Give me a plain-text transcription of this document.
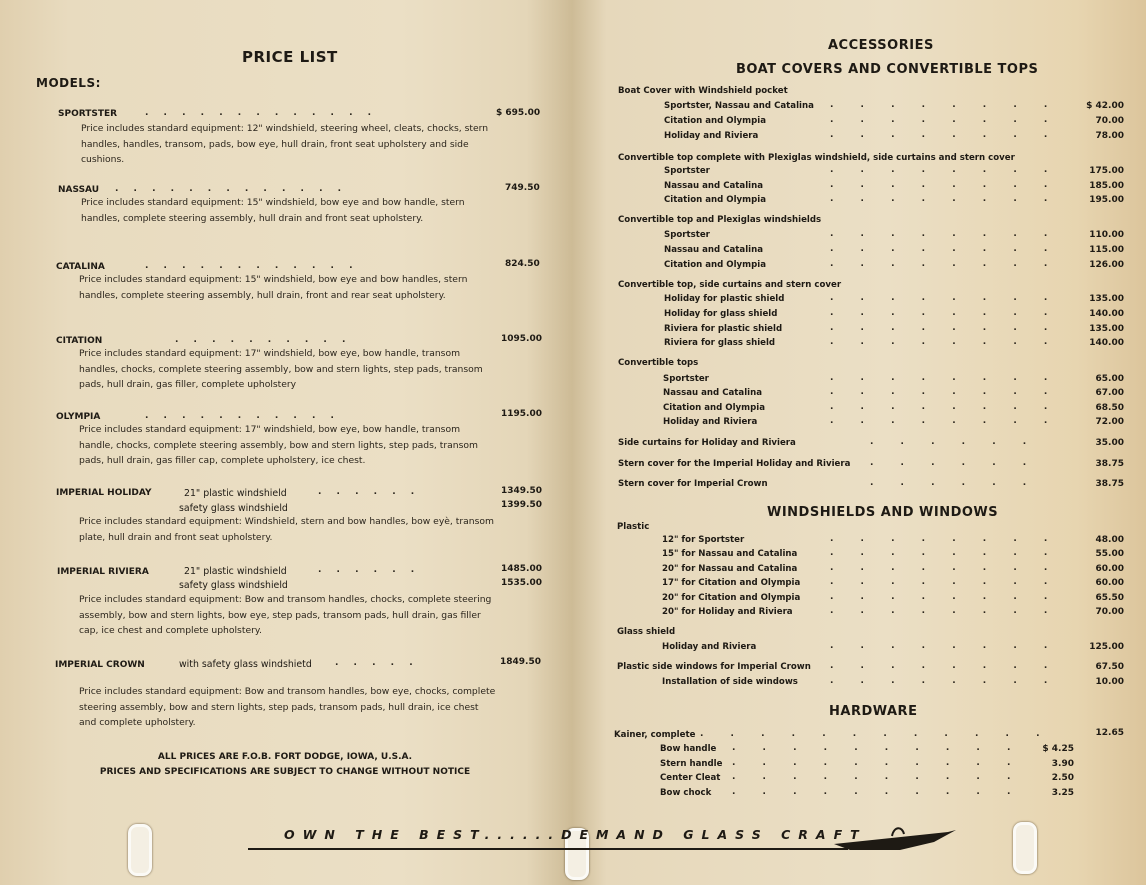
PRICE LIST
MODELS:
SPORTSTER	. . . . . . . . . . . . .	$ 695.00
Price includes standard equipment: 12" windshield, steering wheel, cleats, chocks, stern handles, handles, transom, pads, bow eye, hull drain, front seat upholstery and side cushions.
NASSAU . . . . . . . . . . . . .	749.50
Price includes standard equipment: 15" windshield, bow eye and bow handle, stern handles, complete steering assembly, hull drain and front seat upholstery.
CATALINA	. . . . . . . . . . . .	824.50
Price includes standard equipment: 15" windshield, bow eye and bow handles, stern handles, complete steering assembly, hull drain, front and rear seat upholstery.
CITATION	. . . . . . . . . .	1095.00
Price includes standard equipment: 17" windshield, bow eye, bow handle, transom handles, chocks, complete steering assembly, bow and stern lights, step pads, transom pads, hull drain, gas filler, complete upholstery
OLYMPIA	. . . . . . . . . . .	1195.00
Price includes standard equipment: 17" windshield, bow eye, bow handle, transom handle, chocks, complete steering assembly, bow and stern lights, step pads, transom pads, hull drain, gas filler cap, complete upholstery, ice chest.
IMPERIAL HOLIDAY	21" plastic windshield	. . . . . .	1349.50
safety glass windshield	1399.50
Price includes standard equipment: Windshield, stern and bow handles, bow eyè, transom plate, hull drain and front seat upholstery.
IMPERIAL RIVIERA	21" plastic windshield	. . . . . .	1485.00
safety glass windshield	1535.00
Price includes standard equipment: Bow and transom handles, chocks, complete steering assembly, bow and stern lights, bow eye, step pads, transom pads, hull drain, gas filler cap, ice chest and complete upholstery.
IMPERIAL CROWN	with safety glass windshietd	. . . . .	1849.50
Price includes standard equipment: Bow and transom handles, bow eye, chocks, complete steering assembly, bow and stern lights, step pads, transom pads, hull drain, ice chest and complete upholstery.
ALL PRICES ARE F.O.B. FORT DODGE, IOWA, U.S.A.
PRICES AND SPECIFICATIONS ARE SUBJECT TO CHANGE WITHOUT NOTICE
ACCESSORIES
BOAT COVERS AND CONVERTIBLE TOPS
Boat Cover with Windshield pocket
Sportster, Nassau and Catalina . . . . . . . .	$ 42.00
Citation and Olympia	. . . . . . . .	70.00
Holiday and Riviera	. . . . . . . .	78.00
Convertible top complete with Plexiglas windshield, side curtains and stern cover
Sportster	. . . . . . . .	175.00
Nassau and Catalina	. . . . . . . .	185.00
Citation and Olympia	. . . . . . . .	195.00
Convertible top and Plexiglas windshields
Sportster	. . . . . . . .	110.00
Nassau and Catalina	. . . . . . . .	115.00
Citation and Olympia	. . . . . . . .	126.00
Convertible top, side curtains and stern cover
Holiday for plastic shield	. . . . . . . .	135.00
Holiday for glass shield	. . . . . . . .	140.00
Riviera for plastic shield	. . . . . . . .	135.00
Riviera for glass shield	. . . . . . . .	140.00
Convertible tops
Sportster	. . . . . . . .	65.00
Nassau and Catalina	. . . . . . . .	67.00
Citation and Olympia	. . . . . . . .	68.50
Holiday and Riviera	. . . . . . . .	72.00
Side curtains for Holiday and Riviera	. . . . . .	35.00
Stern cover for the Imperial Holiday and Riviera . . . . . .	38.75
Stern cover for Imperial Crown	. . . . . .	38.75
WINDSHIELDS AND WINDOWS
Plastic
12" for Sportster	. . . . . . . .	48.00
15" for Nassau and Catalina	. . . . . . . .	55.00
20" for Nassau and Catalina	. . . . . . . .	60.00
17" for Citation and Olympia	. . . . . . . .	60.00
20" for Citation and Olympia	. . . . . . . .	65.50
20" for Holiday and Riviera	. . . . . . . .	70.00
Glass shield
Holiday and Riviera	. . . . . . . .	125.00
Plastic side windows for Imperial Crown . . . . . . . .	67.50
Installation of side windows	. . . . . . . .	10.00
HARDWARE
Kainer, complete . . . . . . . . . . . .	12.65
Bow handle . . . . . . . . . . $ 4.25
Stern handle . . . . . . . . . .	3.90
Center Cleat . . . . . . . . . .	2.50
Bow chock . . . . . . . . . .	3.25
OWN THE BEST......DEMAND GLASS CRAFT
